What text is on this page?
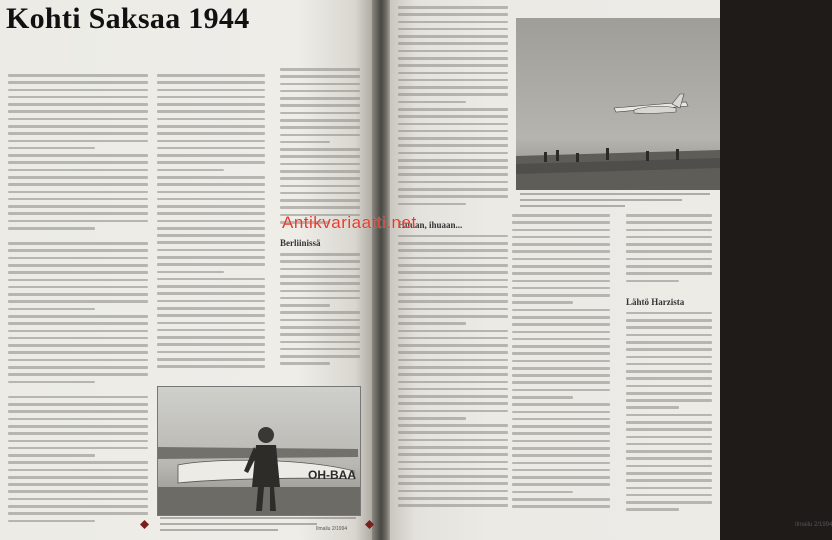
Kohti Saksaa 1944
Berliinissä
OH-BAA
Ilmailu 2/1994
Huuan, ihuaan...
Lähtö Harzista
Ilmailu 2/1994
Antikvariaatti.net
